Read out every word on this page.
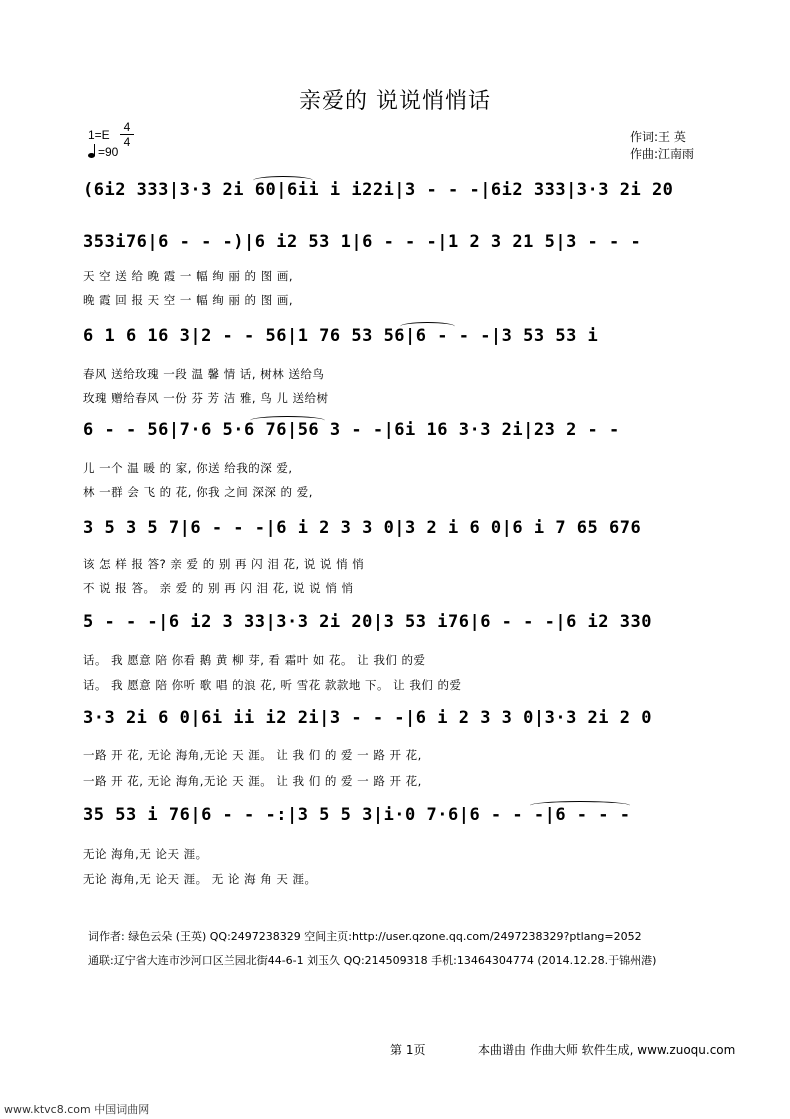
亲爱的 说说悄悄话
$1=E \frac{4}{4}$
=90
作词:王 英
作曲:江南雨
(6i2 333|3·3 2i 60|6ii i i22i|3 - - -|6i2 333|3·3 2i 20
353i76|6 - - -)|6 i2 53 1|6 - - -|1 2 3 21 5|3 - - -
天 空 送 给 晚 霞 一 幅 绚 丽 的 图 画,
晚 霞 回 报 天 空 一 幅 绚 丽 的 图 画,
6 1 6 16 3|2 - - 56|1 76 53 56|6 - - -|3 53 53 i
春风 送给玫瑰 一段 温 馨 情 话, 树林 送给鸟
玫瑰 赠给春风 一份 芬 芳 洁 雅, 鸟 儿 送给树
6 - - 56|7·6 5·6 76|56 3 - -|6i 16 3·3 2i|23 2 - -
儿 一个 温 暖 的 家, 你送 给我的深 爱,
林 一群 会 飞 的 花, 你我 之间 深深 的 爱,
3 5 3 5 7|6 - - -|6 i 2 3 3 0|3 2 i 6 0|6 i 7 65 676
该 怎 样 报 答? 亲 爱 的 别 再 闪 泪 花, 说 说 悄 悄
不 说 报 答。 亲 爱 的 别 再 闪 泪 花, 说 说 悄 悄
5 - - -|6 i2 3 33|3·3 2i 20|3 53 i76|6 - - -|6 i2 330
话。 我 愿意 陪 你看 鹅 黄 柳 芽, 看 霜叶 如 花。 让 我们 的爱
话。 我 愿意 陪 你听 歌 唱 的浪 花, 听 雪花 款款地 下。 让 我们 的爱
3·3 2i 6 0|6i ii i2 2i|3 - - -|6 i 2 3 3 0|3·3 2i 2 0
一路 开 花, 无论 海角,无论 天 涯。 让 我 们 的 爱 一 路 开 花,
一路 开 花, 无论 海角,无论 天 涯。 让 我 们 的 爱 一 路 开 花,
35 53 i 76|6 - - -:|3 5 5 3|i·0 7·6|6 - - -|6 - - -
无论 海角,无 论天 涯。
无论 海角,无 论天 涯。 无 论 海 角 天 涯。
词作者: 绿色云朵 (王英) QQ:2497238329 空间主页:http://user.qzone.qq.com/2497238329?ptlang=2052
通联:辽宁省大连市沙河口区兰园北街44-6-1 刘玉久 QQ:214509318 手机:13464304774 (2014.12.28.于锦州港)
第 1页	本曲谱由 作曲大师 软件生成, www.zuoqu.com
www.ktvc8.com 中国词曲网
